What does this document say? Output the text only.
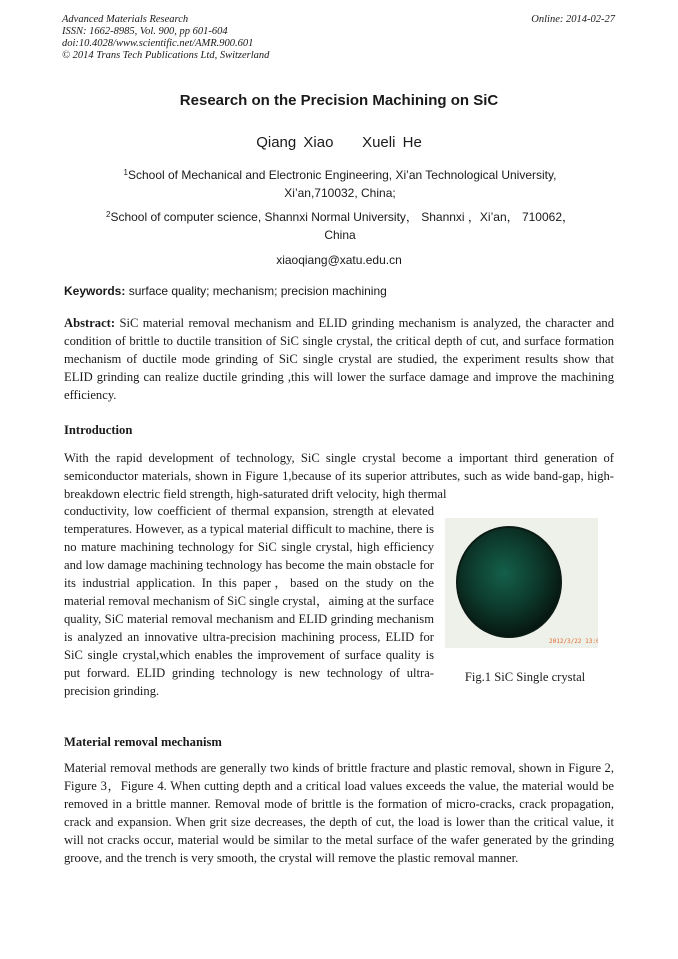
Advanced Materials Research
ISSN: 1662-8985, Vol. 900, pp 601-604
doi:10.4028/www.scientific.net/AMR.900.601
© 2014 Trans Tech Publications Ltd, Switzerland
Online: 2014-02-27
Research on the Precision Machining on SiC
Qiang Xiao    Xueli He
$^1$School of Mechanical and Electronic Engineering, Xi’an Technological University,
Xi’an,710032, China;
$^2$School of computer science, Shannxi Normal University， Shannxi ，Xi’an， 710062，
China
xiaoqiang@xatu.edu.cn
Keywords: surface quality; mechanism; precision machining
Abstract: SiC material removal mechanism and ELID grinding mechanism is analyzed, the character and condition of brittle to ductile transition of SiC single crystal, the critical depth of cut, and surface formation mechanism of ductile mode grinding of SiC single crystal are studied, the experiment results show that ELID grinding can realize ductile grinding ,this will lower the surface damage and improve the machining efficiency.
Introduction
With the rapid development of technology, SiC single crystal become a important third generation of semiconductor materials, shown in Figure 1,because of its superior attributes, such as wide band-gap, high-breakdown electric field strength, high-saturated drift velocity, high thermal
conductivity, low coefficient of thermal expansion, strength at elevated temperatures. However, as a typical material difficult to machine, there is no mature machining technology for SiC single crystal, high efficiency and low damage machining technology has become the main obstacle for its industrial application. In this paper，based on the study on the material removal mechanism of SiC single crystal，aiming at the surface quality, SiC material removal mechanism and ELID grinding mechanism is analyzed an innovative ultra-precision machining process, ELID for SiC single crystal,which enables the improvement of surface quality is put forward. ELID grinding technology is new technology of ultra-precision grinding.
2012/3/22 13:06
Fig.1 SiC Single crystal
Material removal mechanism
Material removal methods are generally two kinds of brittle fracture and plastic removal, shown in Figure 2, Figure 3，Figure 4. When cutting depth and a critical load values exceeds the value, the material would be removed in a brittle manner. Removal mode of brittle is the formation of micro-cracks, crack propagation, crack and expansion. When grit size decreases, the depth of cut, the load is lower than the critical value, it will not cracks occur, material would be similar to the metal surface of the wafer generated by the grinding groove, and the trench is very smooth, the crystal will remove the plastic removal manner.
